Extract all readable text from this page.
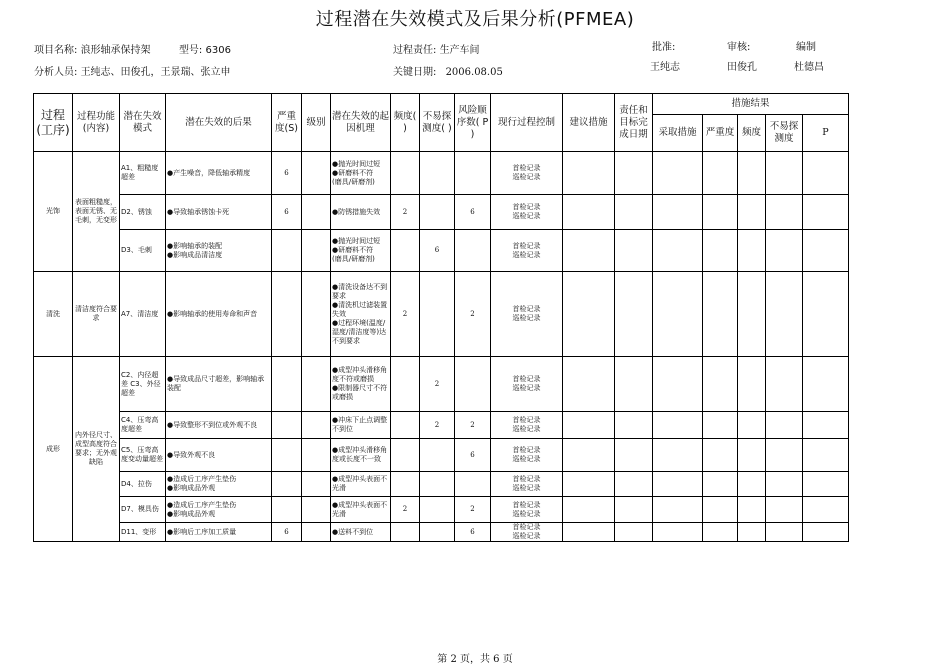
过程潜在失效模式及后果分析(PFMEA)
项目名称: 浪形轴承保持架	型号: 6306	过程责任: 生产车间	批准:	审核:	编制
分析人员: 王纯志、田俊孔，王景瑞、张立申	关键日期: 2006.08.05	王纯志	田俊孔	杜德昌
过程(工序)	过程功能(内容)	潜在失效模式	潜在失效的后果	严重度(S)	级别	潜在失效的起因机理	频度( )	不易探测度( )	风险顺序数( P )	现行过程控制	建议措施	责任和目标完成日期	措施结果				
													采取措施	严重度	频度	不易探测度	P
光饰	表面粗糙度，表面无锈、无毛刺，无变形	A1、粗糙度超差	●产生噪音，降低轴承精度	6		●抛光时间过短
●研磨料不符
(磨具/研磨剂)				首检记录
巡检记录							

		D2、锈蚀	●导致轴承锈蚀卡死	6		●防锈措施失效	2		6	首检记录
巡检记录							

		D3、毛刺	●影响轴承的装配
●影响成品清洁度			●抛光时间过短
●研磨料不符
(磨具/研磨剂)		6		首检记录
巡检记录							

清洗	清洁度符合要求	A7、清洁度	●影响轴承的使用寿命和声音			●清洗设备达不到要求
●清洗机过滤装置失效
●过程环境(温度/湿度/清洁度等)达不到要求	2		2	首检记录
巡检记录							

成形	内外径尺寸、成型高度符合要求；无外观缺陷	C2、内径超差 C3、外径超差	●导致成品尺寸超差，影响轴承装配			●成型冲头滑移角度不符或磨损
●限制器尺寸不符或磨损		2		首检记录
巡检记录							

		C4、压弯高度超差	●导致整形不到位或外观不良			●冲床下止点调整不到位		2	2	首检记录
巡检记录							

		C5、压弯高度变动量超差	●导致外观不良			●成型冲头滑移角度或长度不一致			6	首检记录
巡检记录							

		D4、拉伤	●造成后工序产生垫伤
●影响成品外观			●成型冲头表面不光滑				首检记录
巡检记录							

		D7、模具伤	●造成后工序产生垫伤
●影响成品外观			●成型冲头表面不光滑	2		2	首检记录
巡检记录							

		D11、变形	●影响后工序加工质量	6		●送料不到位			6	首检记录
巡检记录							

第 2 页，共 6 页
